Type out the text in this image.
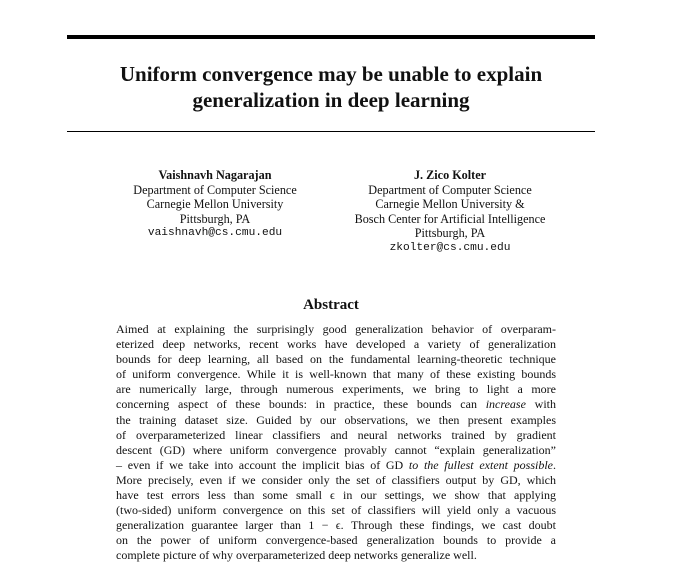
Uniform convergence may be unable to explain
generalization in deep learning
Vaishnavh Nagarajan
Department of Computer Science
Carnegie Mellon University
Pittsburgh, PA
vaishnavh@cs.cmu.edu
J. Zico Kolter
Department of Computer Science
Carnegie Mellon University &
Bosch Center for Artificial Intelligence
Pittsburgh, PA
zkolter@cs.cmu.edu
Abstract
Aimed at explaining the surprisingly good generalization behavior of overparam-
eterized deep networks, recent works have developed a variety of generalization
bounds for deep learning, all based on the fundamental learning-theoretic technique
of uniform convergence. While it is well-known that many of these existing bounds
are numerically large, through numerous experiments, we bring to light a more
concerning aspect of these bounds: in practice, these bounds can increase with
the training dataset size. Guided by our observations, we then present examples
of overparameterized linear classifiers and neural networks trained by gradient
descent (GD) where uniform convergence provably cannot “explain generalization”
– even if we take into account the implicit bias of GD to the fullest extent possible.
More precisely, even if we consider only the set of classifiers output by GD, which
have test errors less than some small ϵ in our settings, we show that applying
(two-sided) uniform convergence on this set of classifiers will yield only a vacuous
generalization guarantee larger than 1 − ϵ. Through these findings, we cast doubt
on the power of uniform convergence-based generalization bounds to provide a
complete picture of why overparameterized deep networks generalize well.
